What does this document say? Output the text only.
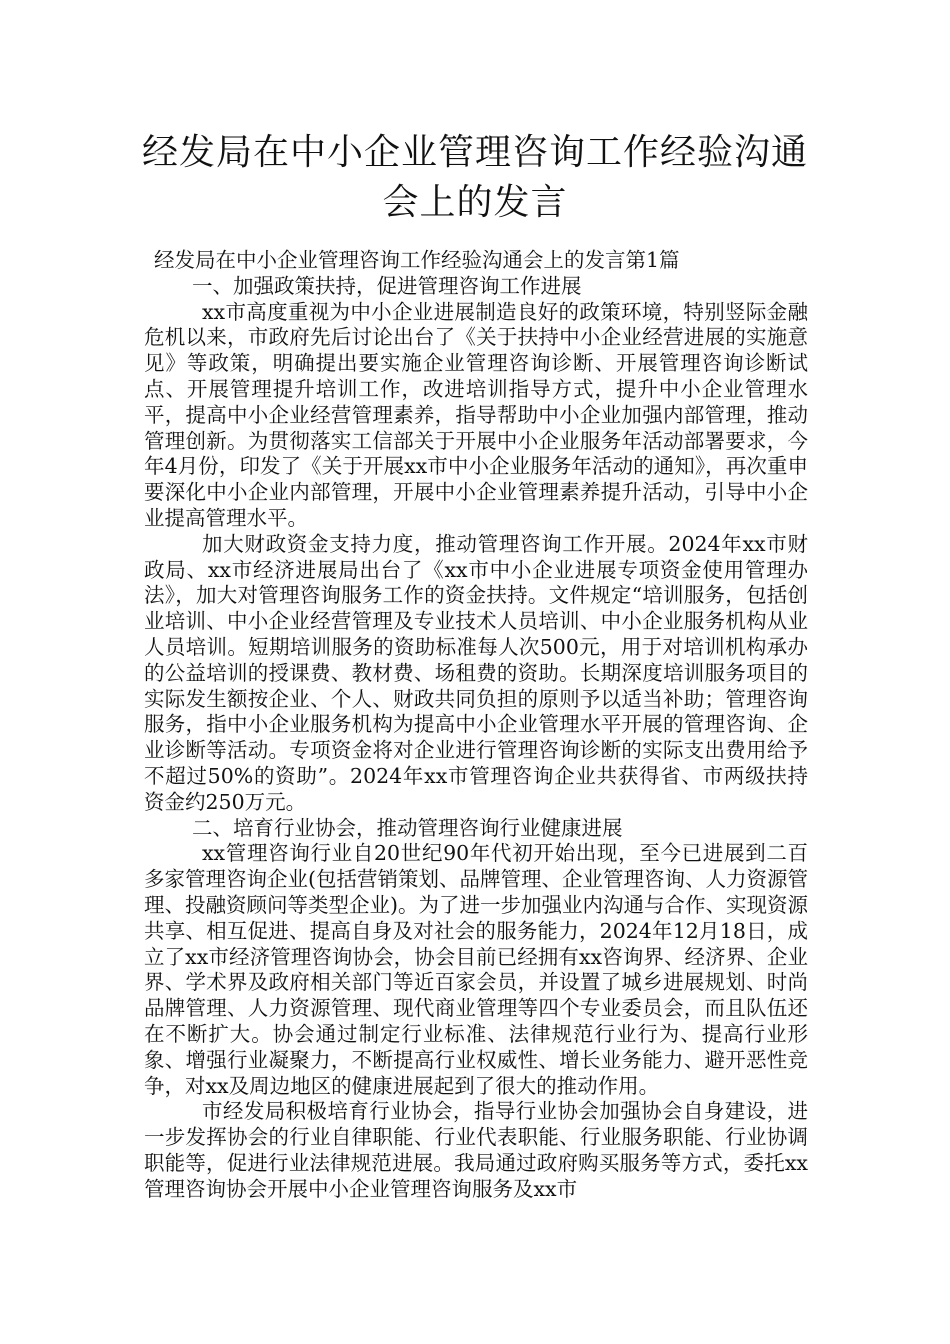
经发局在中小企业管理咨询工作经验沟通
会上的发言

经发局在中小企业管理咨询工作经验沟通会上的发言第1篇

一、加强政策扶持，促进管理咨询工作进展

xx市高度重视为中小企业进展制造良好的政策环境，特别竖际金融危机以来，市政府先后讨论出台了《关于扶持中小企业经营进展的实施意见》等政策，明确提出要实施企业管理咨询诊断、开展管理咨询诊断试点、开展管理提升培训工作，改进培训指导方式，提升中小企业管理水平，提高中小企业经营管理素养，指导帮助中小企业加强内部管理，推动管理创新。为贯彻落实工信部关于开展中小企业服务年活动部署要求，今年4月份，印发了《关于开展xx市中小企业服务年活动的通知》，再次重申要深化中小企业内部管理，开展中小企业管理素养提升活动，引导中小企业提高管理水平。

加大财政资金支持力度，推动管理咨询工作开展。2024年xx市财政局、xx市经济进展局出台了《xx市中小企业进展专项资金使用管理办法》，加大对管理咨询服务工作的资金扶持。文件规定“培训服务，包括创业培训、中小企业经营管理及专业技术人员培训、中小企业服务机构从业人员培训。短期培训服务的资助标准每人次500元，用于对培训机构承办的公益培训的授课费、教材费、场租费的资助。长期深度培训服务项目的实际发生额按企业、个人、财政共同负担的原则予以适当补助；管理咨询服务，指中小企业服务机构为提高中小企业管理水平开展的管理咨询、企业诊断等活动。专项资金将对企业进行管理咨询诊断的实际支出费用给予不超过50%的资助”。2024年xx市管理咨询企业共获得省、市两级扶持资金约250万元。

二、培育行业协会，推动管理咨询行业健康进展

xx管理咨询行业自20世纪90年代初开始出现，至今已进展到二百多家管理咨询企业(包括营销策划、品牌管理、企业管理咨询、人力资源管理、投融资顾问等类型企业)。为了进一步加强业内沟通与合作、实现资源共享、相互促进、提高自身及对社会的服务能力，2024年12月18日，成立了xx市经济管理咨询协会，协会目前已经拥有xx咨询界、经济界、企业界、学术界及政府相关部门等近百家会员，并设置了城乡进展规划、时尚品牌管理、人力资源管理、现代商业管理等四个专业委员会，而且队伍还在不断扩大。协会通过制定行业标准、法律规范行业行为、提高行业形象、增强行业凝聚力，不断提高行业权威性、增长业务能力、避开恶性竞争，对xx及周边地区的健康进展起到了很大的推动作用。

市经发局积极培育行业协会，指导行业协会加强协会自身建设，进一步发挥协会的行业自律职能、行业代表职能、行业服务职能、行业协调职能等，促进行业法律规范进展。我局通过政府购买服务等方式，委托xx管理咨询协会开展中小企业管理咨询服务及xx市
